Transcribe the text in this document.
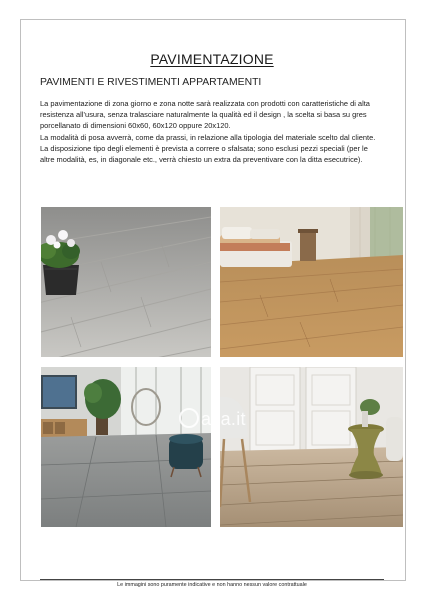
PAVIMENTAZIONE
PAVIMENTI E RIVESTIMENTI APPARTAMENTI

La pavimentazione di zona giorno e zona notte sarà realizzata con prodotti con caratteristiche di alta resistenza all’usura, senza tralasciare naturalmente la qualità ed il design , la scelta si basa su gres porcellanato di dimensioni 60x60, 60x120 oppure 20x120.

La modalità di posa avverrà, come da prassi, in relazione alla tipologia del materiale scelto dal cliente.

La disposizione tipo degli elementi è prevista a correre o sfalsata; sono esclusi pezzi speciali (per le altre modalità, es, in diagonale etc., verrà chiesto un extra da preventivare con la ditta esecutrice).

asa.it
Le immagini sono puramente indicative e non hanno nessun valore contrattuale
